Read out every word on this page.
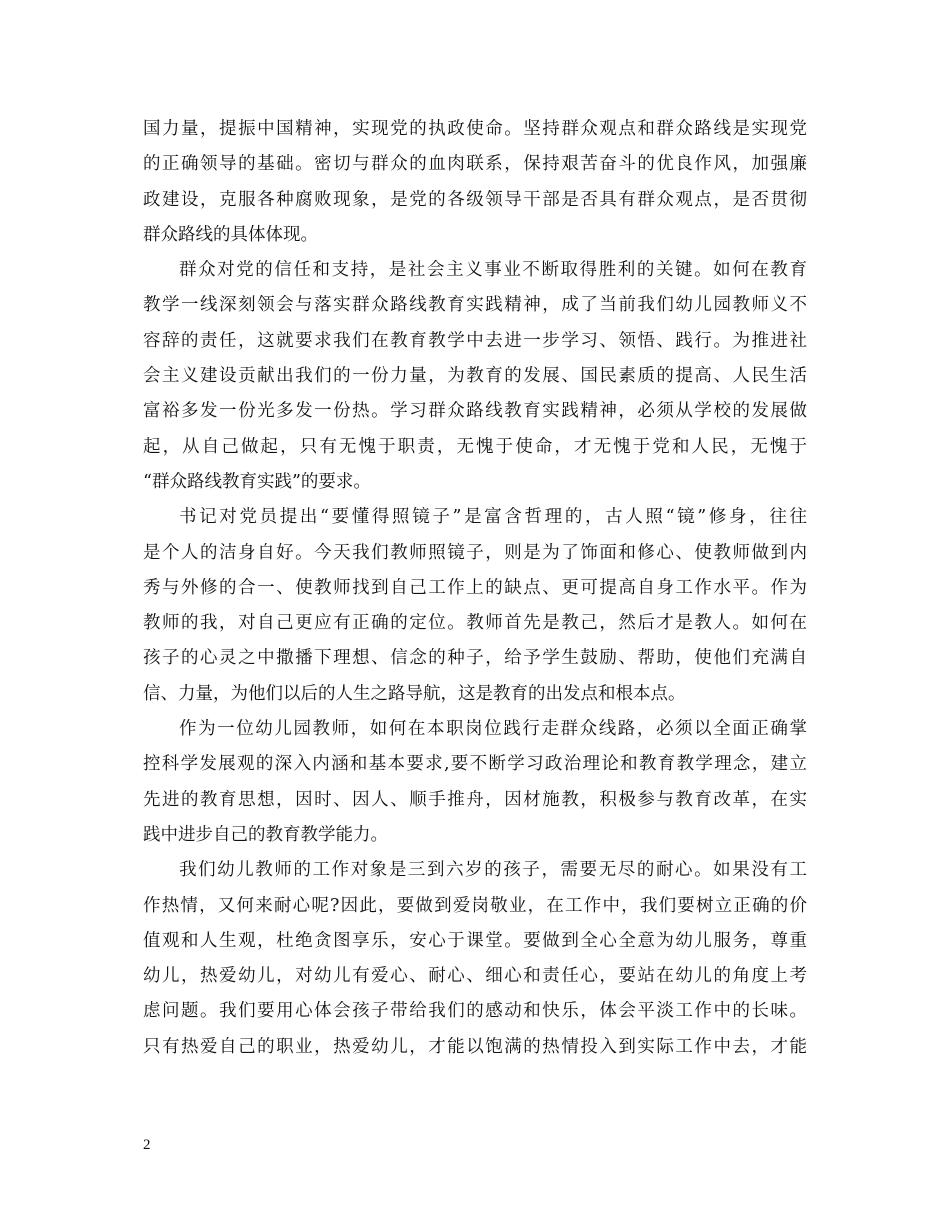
国力量，提振中国精神，实现党的执政使命。坚持群众观点和群众路线是实现党
的正确领导的基础。密切与群众的血肉联系，保持艰苦奋斗的优良作风，加强廉
政建设，克服各种腐败现象，是党的各级领导干部是否具有群众观点，是否贯彻
群众路线的具体体现。
群众对党的信任和支持，是社会主义事业不断取得胜利的关键。如何在教育
教学一线深刻领会与落实群众路线教育实践精神，成了当前我们幼儿园教师义不
容辞的责任，这就要求我们在教育教学中去进一步学习、领悟、践行。为推进社
会主义建设贡献出我们的一份力量，为教育的发展、国民素质的提高、人民生活
富裕多发一份光多发一份热。学习群众路线教育实践精神，必须从学校的发展做
起，从自己做起，只有无愧于职责，无愧于使命，才无愧于党和人民，无愧于
“群众路线教育实践”的要求。
书记对党员提出“要懂得照镜子”是富含哲理的，古人照“镜”修身，往往
是个人的洁身自好。今天我们教师照镜子，则是为了饰面和修心、使教师做到内
秀与外修的合一、使教师找到自己工作上的缺点、更可提高自身工作水平。作为
教师的我，对自己更应有正确的定位。教师首先是教己，然后才是教人。如何在
孩子的心灵之中撒播下理想、信念的种子，给予学生鼓励、帮助，使他们充满自
信、力量，为他们以后的人生之路导航，这是教育的出发点和根本点。
作为一位幼儿园教师，如何在本职岗位践行走群众线路，必须以全面正确掌
控科学发展观的深入内涵和基本要求,要不断学习政治理论和教育教学理念，建立
先进的教育思想，因时、因人、顺手推舟，因材施教，积极参与教育改革，在实
践中进步自己的教育教学能力。
我们幼儿教师的工作对象是三到六岁的孩子，需要无尽的耐心。如果没有工
作热情，又何来耐心呢?因此，要做到爱岗敬业，在工作中，我们要树立正确的价
值观和人生观，杜绝贪图享乐，安心于课堂。要做到全心全意为幼儿服务，尊重
幼儿，热爱幼儿，对幼儿有爱心、耐心、细心和责任心，要站在幼儿的角度上考
虑问题。我们要用心体会孩子带给我们的感动和快乐，体会平淡工作中的长味。
只有热爱自己的职业，热爱幼儿，才能以饱满的热情投入到实际工作中去，才能
2
